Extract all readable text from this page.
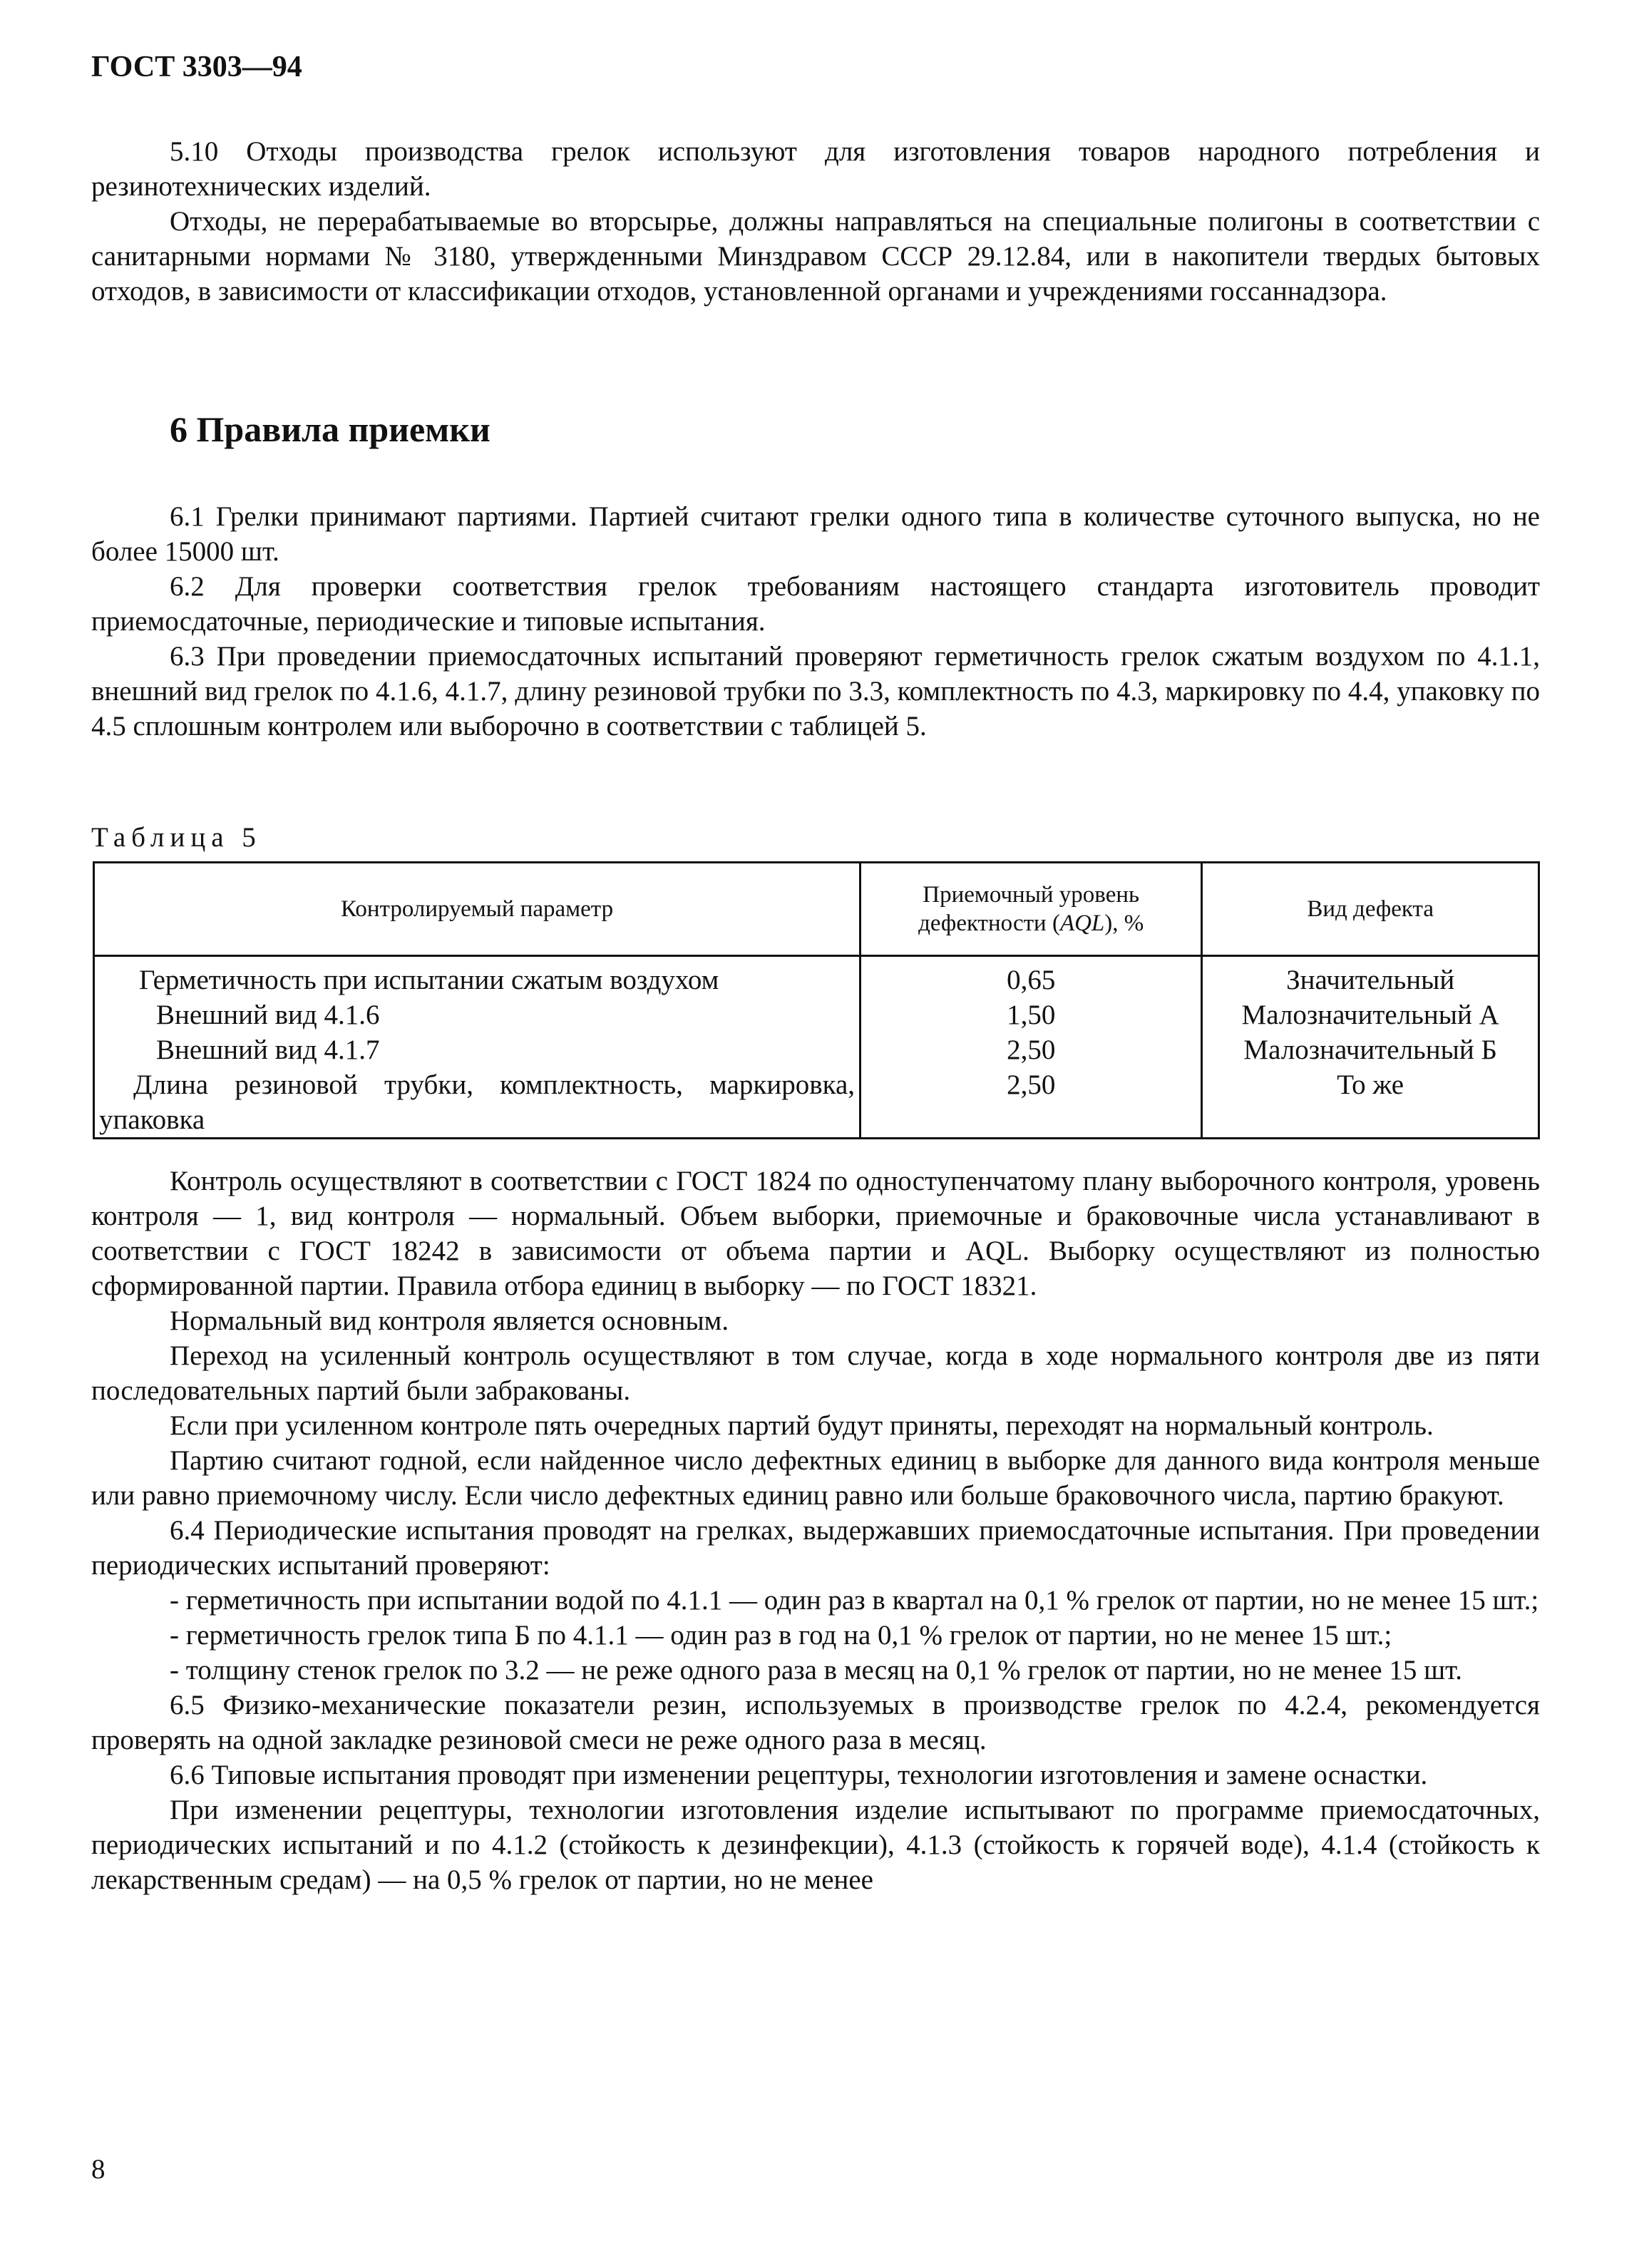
ГОСТ 3303—94

5.10 Отходы производства грелок используют для изготовления товаров народного потребления и резинотехнических изделий.

Отходы, не перерабатываемые во вторсырье, должны направляться на специальные полигоны в соответствии с санитарными нормами № 3180, утвержденными Минздравом СССР 29.12.84, или в накопители твердых бытовых отходов, в зависимости от классификации отходов, установленной органами и учреждениями госсаннадзора.

6 Правила приемки

6.1 Грелки принимают партиями. Партией считают грелки одного типа в количестве суточного выпуска, но не более 15000 шт.

6.2 Для проверки соответствия грелок требованиям настоящего стандарта изготовитель проводит приемосдаточные, периодические и типовые испытания.

6.3 При проведении приемосдаточных испытаний проверяют герметичность грелок сжатым воздухом по 4.1.1, внешний вид грелок по 4.1.6, 4.1.7, длину резиновой трубки по 3.3, комплектность по 4.3, маркировку по 4.4, упаковку по 4.5 сплошным контролем или выборочно в соответствии с таблицей 5.

Таблица 5
Контролируемый параметр	Приемочный уровень дефектности (AQL), %	Вид дефекта
Герметичность при испытании сжатым воздухом	0,65	Значительный
Внешний вид 4.1.6	1,50	Малозначительный А
Внешний вид 4.1.7	2,50	Малозначительный Б
Длина резиновой трубки, комплектность, маркировка, упаковка	2,50	То же

Контроль осуществляют в соответствии с ГОСТ 1824 по одноступенчатому плану выборочного контроля, уровень контроля — 1, вид контроля — нормальный. Объем выборки, приемочные и браковочные числа устанавливают в соответствии с ГОСТ 18242 в зависимости от объема партии и AQL. Выборку осуществляют из полностью сформированной партии. Правила отбора единиц в выборку — по ГОСТ 18321.

Нормальный вид контроля является основным.

Переход на усиленный контроль осуществляют в том случае, когда в ходе нормального контроля две из пяти последовательных партий были забракованы.

Если при усиленном контроле пять очередных партий будут приняты, переходят на нормальный контроль.

Партию считают годной, если найденное число дефектных единиц в выборке для данного вида контроля меньше или равно приемочному числу. Если число дефектных единиц равно или больше браковочного числа, партию бракуют.

6.4 Периодические испытания проводят на грелках, выдержавших приемосдаточные испытания. При проведении периодических испытаний проверяют:

- герметичность при испытании водой по 4.1.1 — один раз в квартал на 0,1 % грелок от партии, но не менее 15 шт.;

- герметичность грелок типа Б по 4.1.1 — один раз в год на 0,1 % грелок от партии, но не менее 15 шт.;

- толщину стенок грелок по 3.2 — не реже одного раза в месяц на 0,1 % грелок от партии, но не менее 15 шт.

6.5 Физико-механические показатели резин, используемых в производстве грелок по 4.2.4, рекомендуется проверять на одной закладке резиновой смеси не реже одного раза в месяц.

6.6 Типовые испытания проводят при изменении рецептуры, технологии изготовления и замене оснастки.

При изменении рецептуры, технологии изготовления изделие испытывают по программе приемосдаточных, периодических испытаний и по 4.1.2 (стойкость к дезинфекции), 4.1.3 (стойкость к горячей воде), 4.1.4 (стойкость к лекарственным средам) — на 0,5 % грелок от партии, но не менее

8
